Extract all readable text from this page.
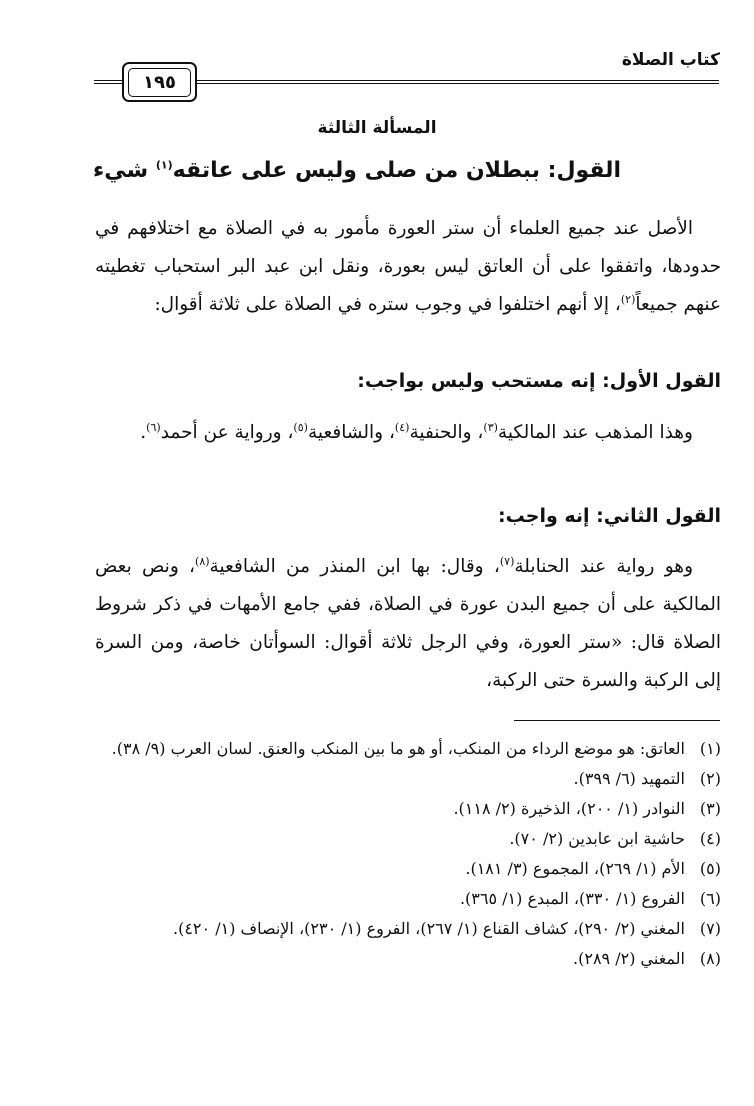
كتاب الصلاة
١٩٥
المسألة الثالثة
القول: ببطلان من صلى وليس على عاتقه$^{(١)}$ شيء
الأصل عند جميع العلماء أن ستر العورة مأمور به في الصلاة مع اختلافهم في حدودها، واتفقوا على أن العاتق ليس بعورة، ونقل ابن عبد البر استحباب تغطيته عنهم جميعاً$^{(٢)}$، إلا أنهم اختلفوا في وجوب ستره في الصلاة على ثلاثة أقوال:
القول الأول: إنه مستحب وليس بواجب:
وهذا المذهب عند المالكية$^{(٣)}$، والحنفية$^{(٤)}$، والشافعية$^{(٥)}$، ورواية عن أحمد$^{(٦)}$.
القول الثاني: إنه واجب:
وهو رواية عند الحنابلة$^{(٧)}$، وقال: بها ابن المنذر من الشافعية$^{(٨)}$، ونص بعض المالكية على أن جميع البدن عورة في الصلاة، ففي جامع الأمهات في ذكر شروط الصلاة قال: «ستر العورة، وفي الرجل ثلاثة أقوال: السوأتان خاصة، ومن السرة إلى الركبة والسرة حتى الركبة،
(١)
العاتق: هو موضع الرداء من المنكب، أو هو ما بين المنكب والعنق. لسان العرب (٩/ ٣٨).
(٢)
التمهيد (٦/ ٣٩٩).
(٣)
النوادر (١/ ٢٠٠)، الذخيرة (٢/ ١١٨).
(٤)
حاشية ابن عابدين (٢/ ٧٠).
(٥)
الأم (١/ ٢٦٩)، المجموع (٣/ ١٨١).
(٦)
الفروع (١/ ٣٣٠)، المبدع (١/ ٣٦٥).
(٧)
المغني (٢/ ٢٩٠)، كشاف القناع (١/ ٢٦٧)، الفروع (١/ ٢٣٠)، الإنصاف (١/ ٤٢٠).
(٨)
المغني (٢/ ٢٨٩).
